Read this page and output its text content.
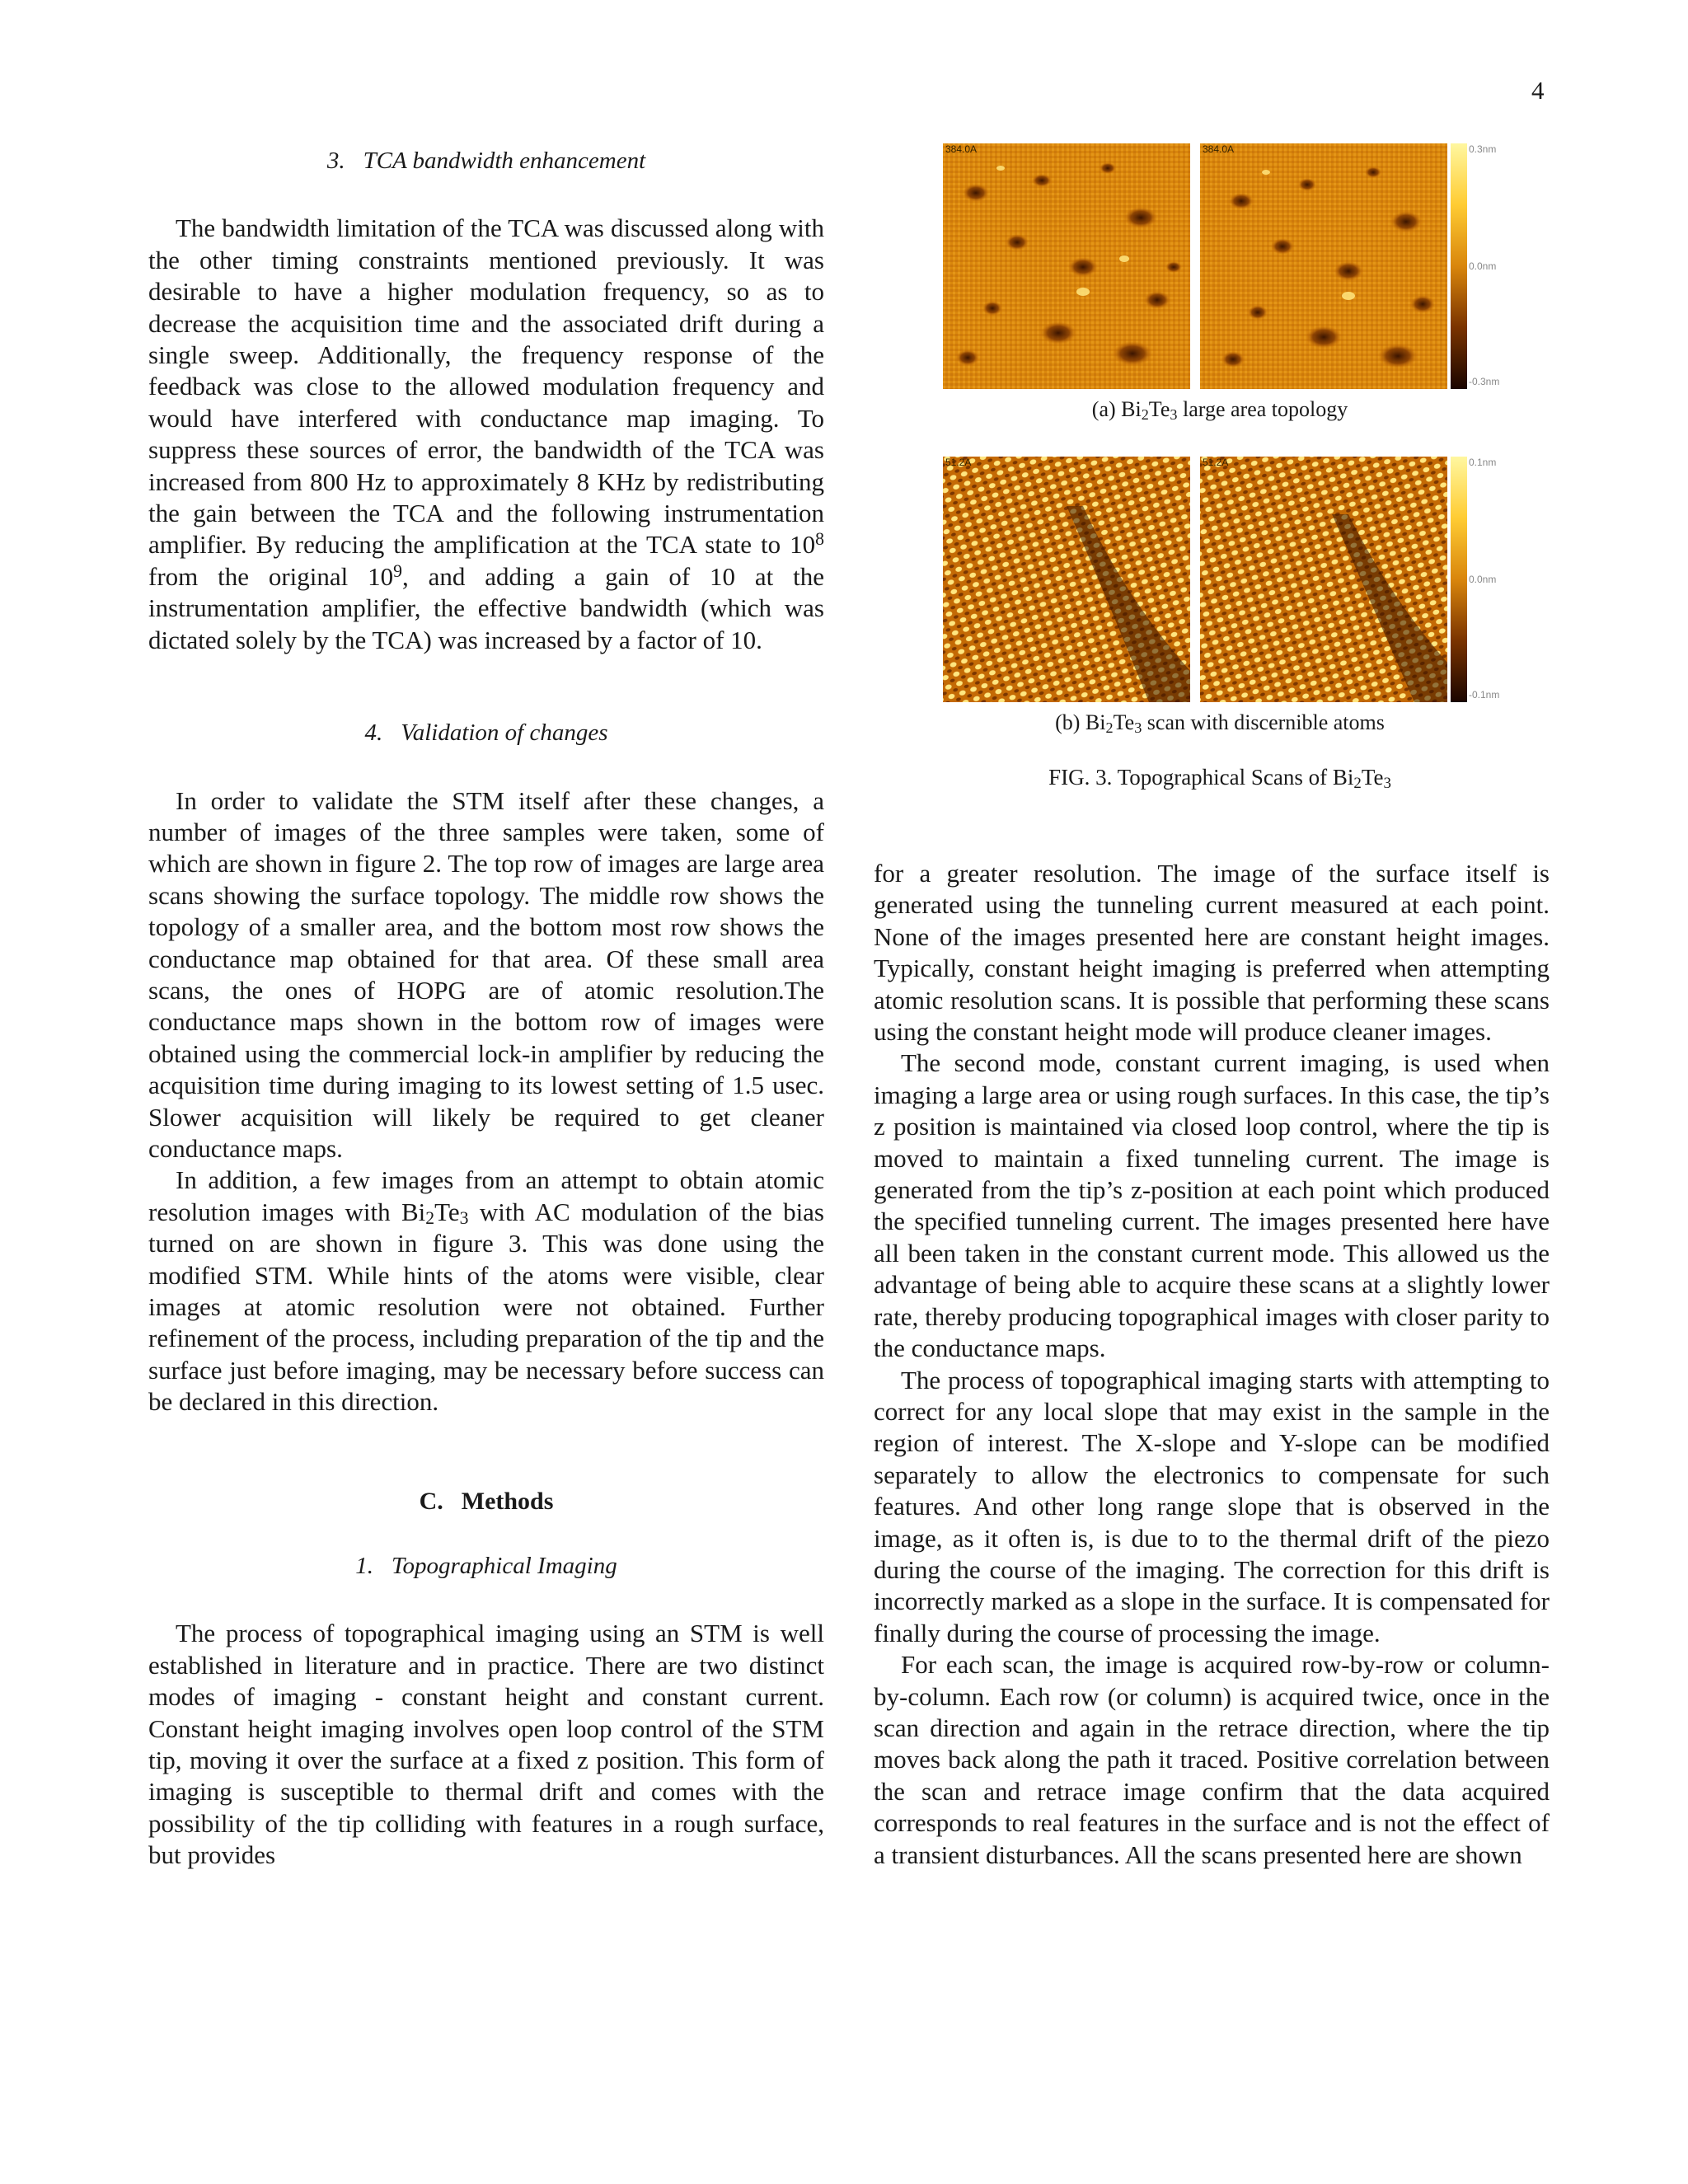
4
3. TCA bandwidth enhancement

The bandwidth limitation of the TCA was discussed along with the other timing constraints mentioned previously. It was desirable to have a higher modulation frequency, so as to decrease the acquisition time and the associated drift during a single sweep. Additionally, the frequency response of the feedback was close to the allowed modulation frequency and would have interfered with conductance map imaging. To suppress these sources of error, the bandwidth of the TCA was increased from 800 Hz to approximately 8 KHz by redistributing the gain between the TCA and the following instrumentation amplifier. By reducing the amplification at the TCA state to $10^8$ from the original $10^9$, and adding a gain of 10 at the instrumentation amplifier, the effective bandwidth (which was dictated solely by the TCA) was increased by a factor of 10.

4. Validation of changes

In order to validate the STM itself after these changes, a number of images of the three samples were taken, some of which are shown in figure 2. The top row of images are large area scans showing the surface topology. The middle row shows the topology of a smaller area, and the bottom most row shows the conductance map obtained for that area. Of these small area scans, the ones of HOPG are of atomic resolution.The conductance maps shown in the bottom row of images were obtained using the commercial lock-in amplifier by reducing the acquisition time during imaging to its lowest setting of 1.5 usec. Slower acquisition will likely be required to get cleaner conductance maps.

In addition, a few images from an attempt to obtain atomic resolution images with $Bi_2Te_3$ with AC modulation of the bias turned on are shown in figure 3. This was done using the modified STM. While hints of the atoms were visible, clear images at atomic resolution were not obtained. Further refinement of the process, including preparation of the tip and the surface just before imaging, may be necessary before success can be declared in this direction.

C. Methods
1. Topographical Imaging

The process of topographical imaging using an STM is well established in literature and in practice. There are two distinct modes of imaging - constant height and constant current. Constant height imaging involves open loop control of the STM tip, moving it over the surface at a fixed z position. This form of imaging is susceptible to thermal drift and comes with the possibility of the tip colliding with features in a rough surface, but provides

for a greater resolution. The image of the surface itself is generated using the tunneling current measured at each point. None of the images presented here are constant height images. Typically, constant height imaging is preferred when attempting atomic resolution scans. It is possible that performing these scans using the constant height mode will produce cleaner images.

The second mode, constant current imaging, is used when imaging a large area or using rough surfaces. In this case, the tip’s z position is maintained via closed loop control, where the tip is moved to maintain a fixed tunneling current. The image is generated from the tip’s z-position at each point which produced the specified tunneling current. The images presented here have all been taken in the constant current mode. This allowed us the advantage of being able to acquire these scans at a slightly lower rate, thereby producing topographical images with closer parity to the conductance maps.

The process of topographical imaging starts with attempting to correct for any local slope that may exist in the sample in the region of interest. The X-slope and Y-slope can be modified separately to allow the electronics to compensate for such features. And other long range slope that is observed in the image, as it often is, is due to to the thermal drift of the piezo during the course of the imaging. The correction for this drift is incorrectly marked as a slope in the surface. It is compensated for finally during the course of processing the image.

For each scan, the image is acquired row-by-row or column-by-column. Each row (or column) is acquired twice, once in the scan direction and again in the retrace direction, where the tip moves back along the path it traced. Positive correlation between the scan and retrace image confirm that the data acquired corresponds to real features in the surface and is not the effect of a transient disturbances. All the scans presented here are shown

384.0A	384.0A	0.3nm
0.0nm
-0.3nm
(a) $Bi_2Te_3$ large area topology
51.2A	51.2A	0.1nm
0.0nm
-0.1nm
(b) $Bi_2Te_3$ scan with discernible atoms
FIG. 3. Topographical Scans of $Bi_2Te_3$
